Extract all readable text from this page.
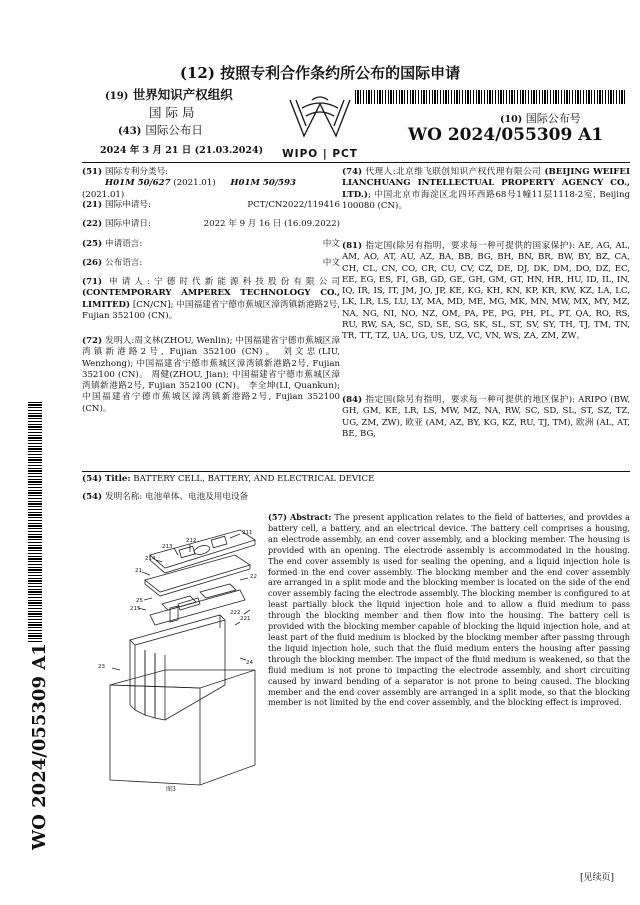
(12) 按照专利合作条约所公布的国际申请
(19) 世界知识产权组织
国 际 局
(43) 国际公布日
2024 年 3 月 21 日 (21.03.2024) WIPO | PCT
(10) 国际公布号
WO 2024/055309 A1
(51) 国际专利分类号:
H01M 50/627 (2021.01) H01M 50/593 (2021.01)
(21) 国际申请号:	PCT/CN2022/119416
(22) 国际申请日:	2022 年 9 月 16 日 (16.09.2022)
(25) 申请语言:	中文
(26) 公布语言:	中文
(71) 申请人:宁德时代新能源科技股份有限公司 (CONTEMPORARY AMPEREX TECHNOLOGY CO., LIMITED) [CN/CN]; 中国福建省宁德市蕉城区漳湾镇新港路2号, Fujian 352100 (CN)。
(72) 发明人:周文林(ZHOU, Wenlin); 中国福建省宁德市蕉城区漳湾镇新港路2号, Fujian 352100 (CN)。 刘文忠(LIU, Wenzhong); 中国福建省宁德市蕉城区漳湾镇新港路2号, Fujian 352100 (CN)。 周健(ZHOU, Jian); 中国福建省宁德市蕉城区漳湾镇新港路2号, Fujian 352100 (CN)。 李全坤(LI, Quankun); 中国福建省宁德市蕉城区漳湾镇新港路2号, Fujian 352100 (CN)。
(74) 代理人:北京维飞联创知识产权代理有限公司 (BEIJING WEIFEI LIANCHUANG INTELLECTUAL PROPERTY AGENCY CO., LTD.); 中国北京市海淀区北四环西路68号1幢11层1118-2室, Beijing 100080 (CN)。
(81) 指定国(除另有指明，要求每一种可提供的国家保护): AE, AG, AL, AM, AO, AT, AU, AZ, BA, BB, BG, BH, BN, BR, BW, BY, BZ, CA, CH, CL, CN, CO, CR, CU, CV, CZ, DE, DJ, DK, DM, DO, DZ, EC, EE, EG, ES, FI, GB, GD, GE, GH, GM, GT, HN, HR, HU, ID, IL, IN, IQ, IR, IS, IT, JM, JO, JP, KE, KG, KH, KN, KP, KR, KW, KZ, LA, LC, LK, LR, LS, LU, LY, MA, MD, ME, MG, MK, MN, MW, MX, MY, MZ, NA, NG, NI, NO, NZ, OM, PA, PE, PG, PH, PL, PT, QA, RO, RS, RU, RW, SA, SC, SD, SE, SG, SK, SL, ST, SV, SY, TH, TJ, TM, TN, TR, TT, TZ, UA, UG, US, UZ, VC, VN, WS, ZA, ZM, ZW。
(84) 指定国(除另有指明，要求每一种可提供的地区保护): ARIPO (BW, GH, GM, KE, LR, LS, MW, MZ, NA, RW, SC, SD, SL, ST, SZ, TZ, UG, ZM, ZW), 欧亚 (AM, AZ, BY, KG, KZ, RU, TJ, TM), 欧洲 (AL, AT, BE, BG,
(54) Title: BATTERY CELL, BATTERY, AND ELECTRICAL DEVICE
(54) 发明名称: 电池单体、电池及用电设备
211
21
214
212
213
215
22
23
24
221
222
25
图3
(57) Abstract: The present application relates to the field of batteries, and provides a battery cell, a battery, and an electrical device. The battery cell comprises a housing, an electrode assembly, an end cover assembly, and a blocking member. The housing is provided with an opening. The electrode assembly is accommodated in the housing. The end cover assembly is used for sealing the opening, and a liquid injection hole is formed in the end cover assembly. The blocking member and the end cover assembly are arranged in a split mode and the blocking member is located on the side of the end cover assembly facing the electrode assembly. The blocking member is configured to at least partially block the liquid injection hole and to allow a fluid medium to pass through the blocking member and then flow into the housing. The battery cell is provided with the blocking member capable of blocking the liquid injection hole, and at least part of the fluid medium is blocked by the blocking member after passing through the liquid injection hole, such that the fluid medium enters the housing after passing through the blocking member. The impact of the fluid medium is weakened, so that the fluid medium is not prone to impacting the electrode assembly, and short circuiting caused by inward bending of a separator is not prone to being caused. The blocking member and the end cover assembly are arranged in a split mode, so that the blocking member is not limited by the end cover assembly, and the blocking effect is improved.
WO 2024/055309 A1
[见续页]
